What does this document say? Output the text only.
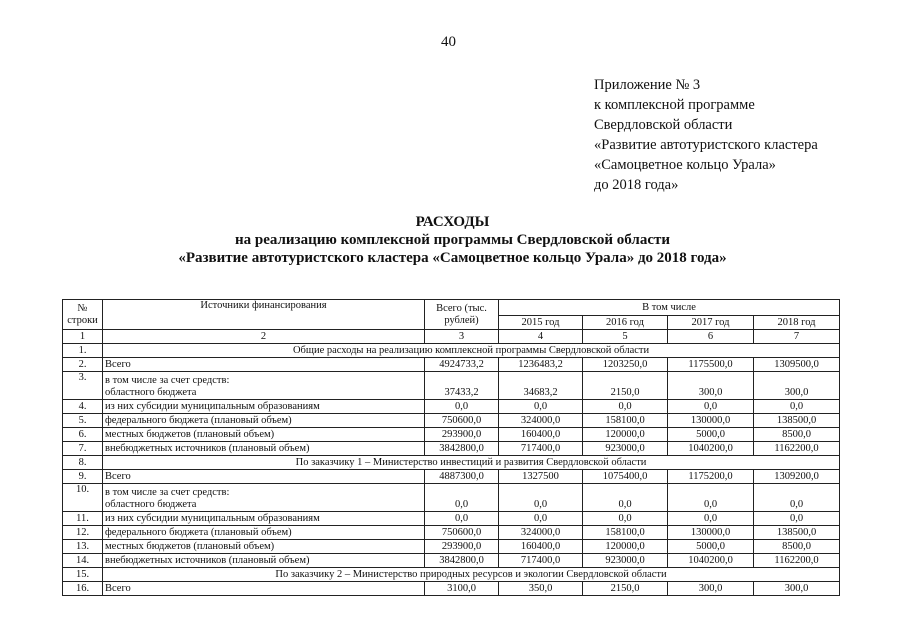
40
Приложение № 3
к комплексной программе
Свердловской области
«Развитие автотуристского кластера
«Самоцветное кольцо Урала»
до 2018 года»
РАСХОДЫ
на реализацию комплексной программы Свердловской области
«Развитие автотуристского кластера «Самоцветное кольцо Урала» до 2018 года»
№ строки	Источники финансирования	Всего (тыс. рублей)	В том числе			
			2015 год	2016 год	2017 год	2018 год
1	2	3	4	5	6	7
1.	Общие расходы на реализацию комплексной программы Свердловской области					
2.	Всего	4924733,2	1236483,2	1203250,0	1175500,0	1309500,0
3.	в том числе за счет средств:
областного бюджета	37433,2	34683,2	2150,0	300,0	300,0
4.	из них субсидии муниципальным образованиям	0,0	0,0	0,0	0,0	0,0
5.	федерального бюджета (плановый объем)	750600,0	324000,0	158100,0	130000,0	138500,0
6.	местных бюджетов (плановый объем)	293900,0	160400,0	120000,0	5000,0	8500,0
7.	внебюджетных источников (плановый объем)	3842800,0	717400,0	923000,0	1040200,0	1162200,0
8.	По заказчику 1 – Министерство инвестиций и развития Свердловской области					
9.	Всего	4887300,0	1327500	1075400,0	1175200,0	1309200,0
10.	в том числе за счет средств:
областного бюджета	0,0	0,0	0,0	0,0	0,0
11.	из них субсидии муниципальным образованиям	0,0	0,0	0,0	0,0	0,0
12.	федерального бюджета (плановый объем)	750600,0	324000,0	158100,0	130000,0	138500,0
13.	местных бюджетов (плановый объем)	293900,0	160400,0	120000,0	5000,0	8500,0
14.	внебюджетных источников (плановый объем)	3842800,0	717400,0	923000,0	1040200,0	1162200,0
15.	По заказчику 2 – Министерство природных ресурсов и экологии Свердловской области					
16.	Всего	3100,0	350,0	2150,0	300,0	300,0
